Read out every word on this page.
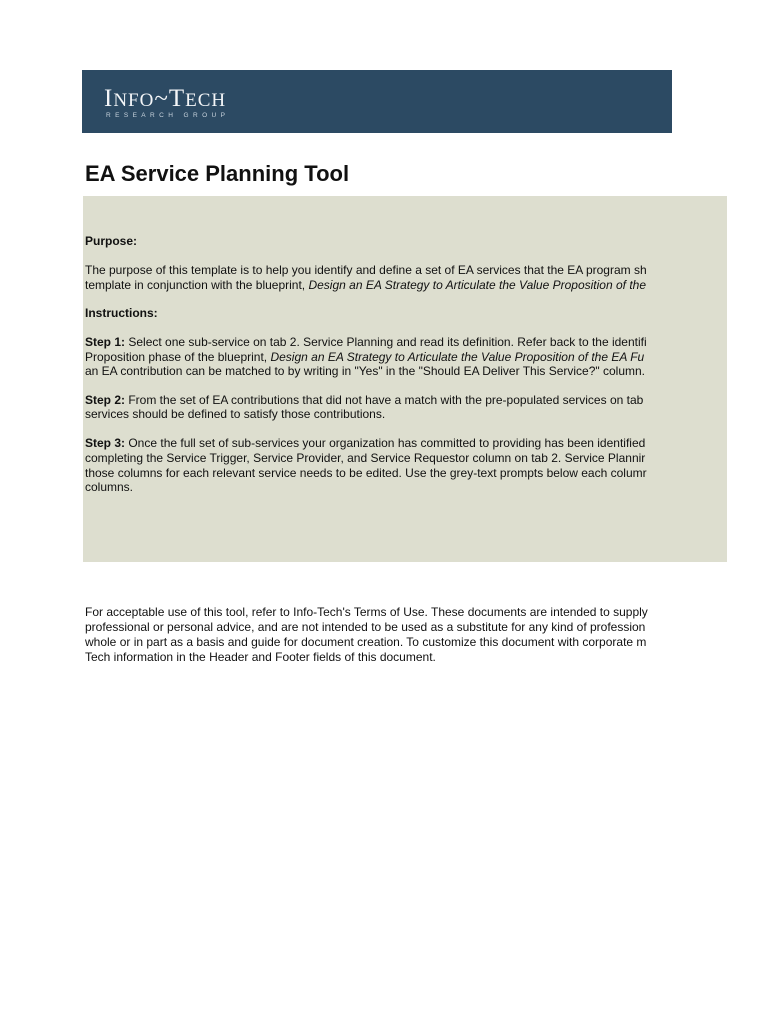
INFO~TECH
RESEARCH GROUP
EA Service Planning Tool
Purpose:
The purpose of this template is to help you identify and define a set of EA services that the EA program sh
template in conjunction with the blueprint, Design an EA Strategy to Articulate the Value Proposition of the
Instructions:
Step 1: Select one sub-service on tab 2. Service Planning and read its definition. Refer back to the identifi
Proposition phase of the blueprint, Design an EA Strategy to Articulate the Value Proposition of the EA Fu
an EA contribution can be matched to by writing in "Yes" in the "Should EA Deliver This Service?" column.
Step 2: From the set of EA contributions that did not have a match with the pre-populated services on tab
services should be defined to satisfy those contributions.
Step 3: Once the full set of sub-services your organization has committed to providing has been identified
completing the Service Trigger, Service Provider, and Service Requestor column on tab 2. Service Plannir
those columns for each relevant service needs to be edited. Use the grey-text prompts below each columr
columns.
For acceptable use of this tool, refer to Info-Tech's Terms of Use. These documents are intended to supply
professional or personal advice, and are not intended to be used as a substitute for any kind of profession
whole or in part as a basis and guide for document creation. To customize this document with corporate m
Tech information in the Header and Footer fields of this document.
